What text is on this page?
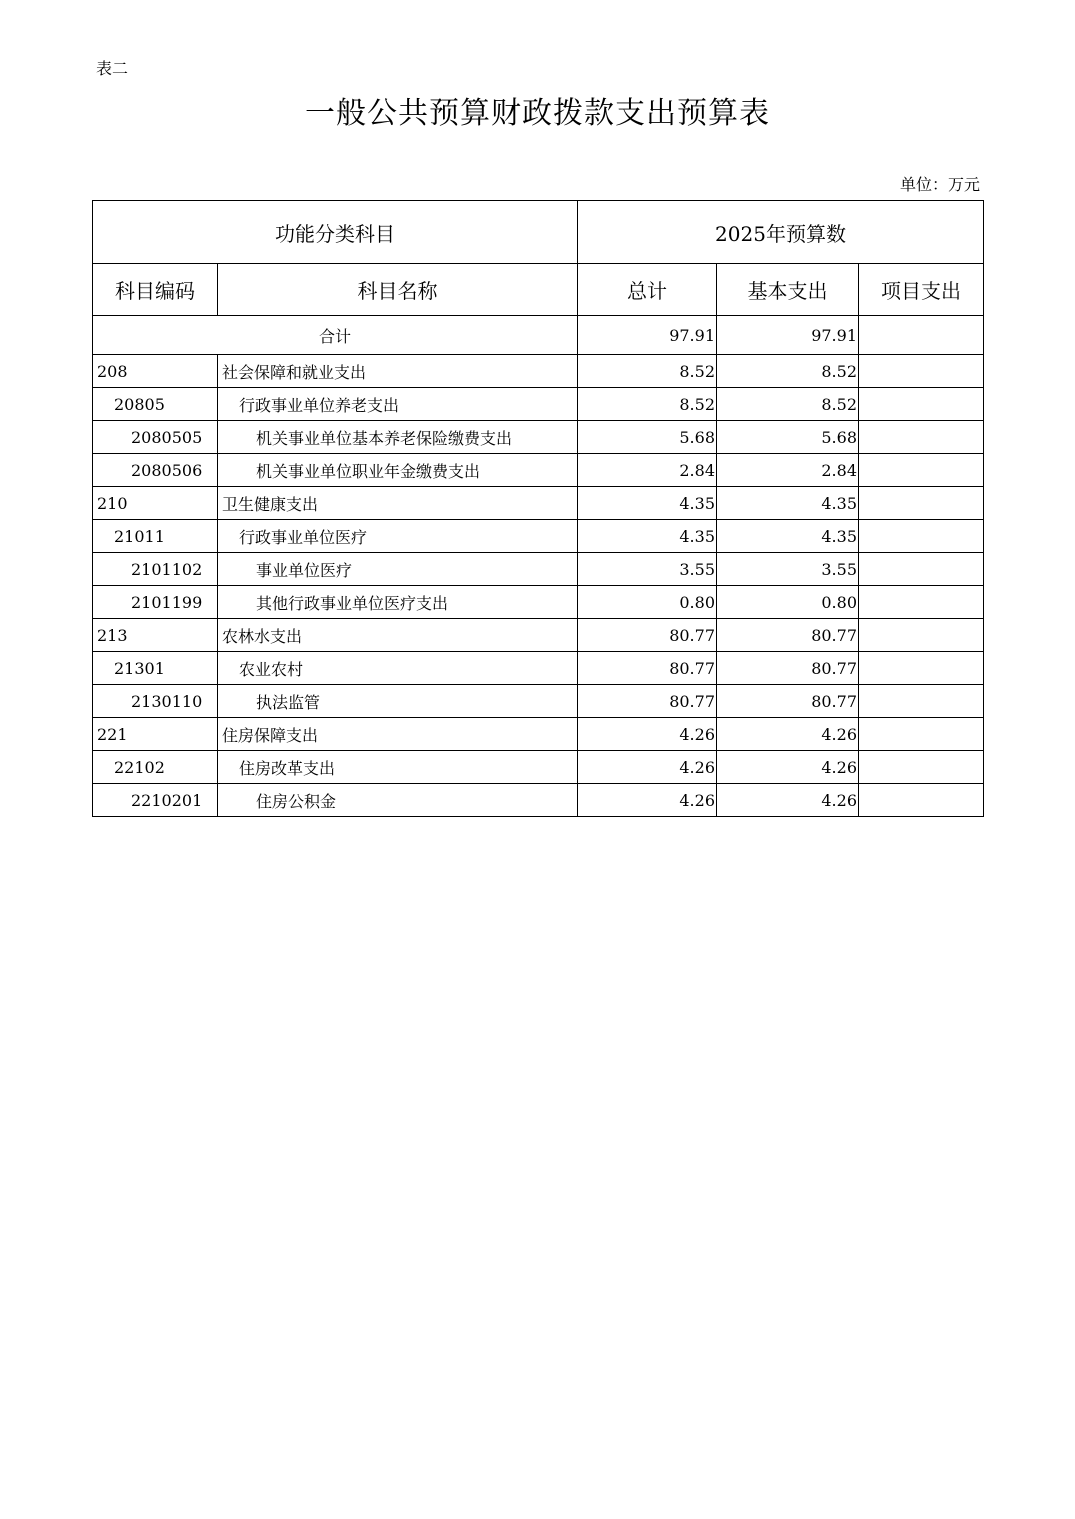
表二
一般公共预算财政拨款支出预算表
单位：万元
功能分类科目		2025年预算数		
科目编码	科目名称	总计	基本支出	项目支出
合计		97.91	97.91	
208	社会保障和就业支出	8.52	8.52	
20805	行政事业单位养老支出	8.52	8.52	
2080505	机关事业单位基本养老保险缴费支出	5.68	5.68	
2080506	机关事业单位职业年金缴费支出	2.84	2.84	
210	卫生健康支出	4.35	4.35	
21011	行政事业单位医疗	4.35	4.35	
2101102	事业单位医疗	3.55	3.55	
2101199	其他行政事业单位医疗支出	0.80	0.80	
213	农林水支出	80.77	80.77	
21301	农业农村	80.77	80.77	
2130110	执法监管	80.77	80.77	
221	住房保障支出	4.26	4.26	
22102	住房改革支出	4.26	4.26	
2210201	住房公积金	4.26	4.26	
